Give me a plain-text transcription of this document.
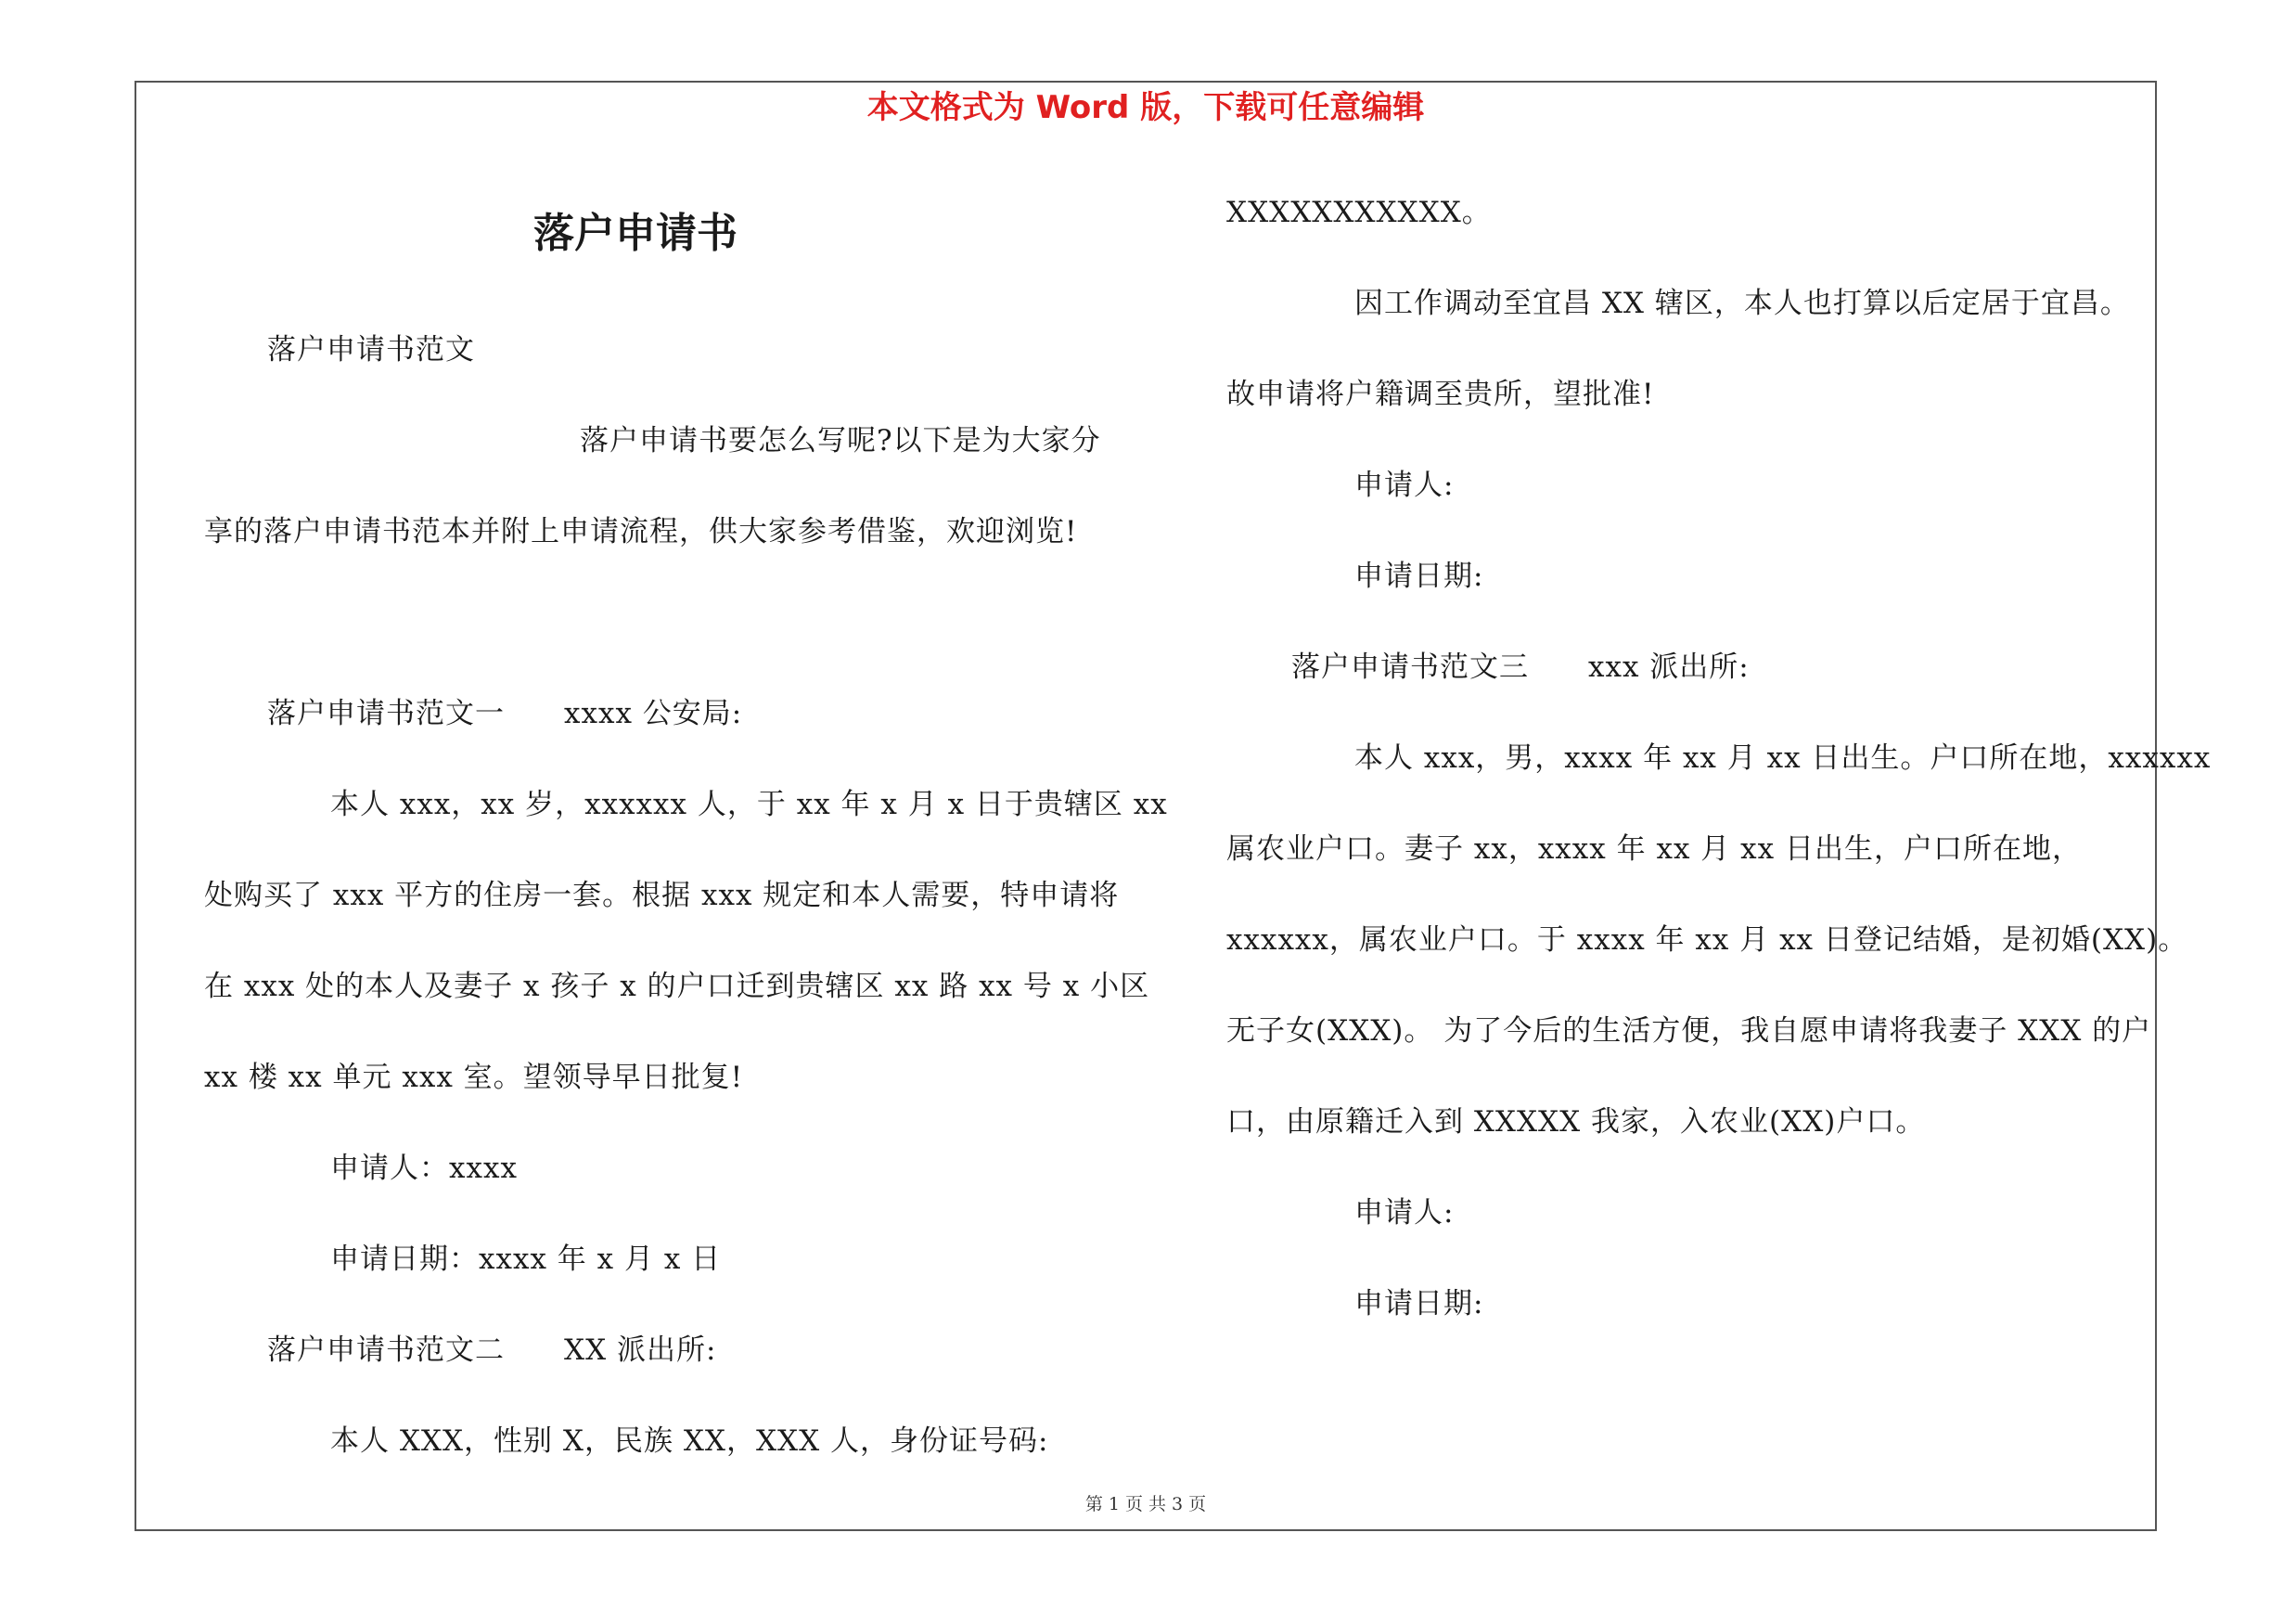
本文格式为 Word 版，下载可任意编辑
落户申请书
落户申请书范文
落户申请书要怎么写呢?以下是为大家分
享的落户申请书范本并附上申请流程，供大家参考借鉴，欢迎浏览!
落户申请书范文一　　xxxx 公安局:
本人 xxx，xx 岁，xxxxxx 人，于 xx 年 x 月 x 日于贵辖区 xx
处购买了 xxx 平方的住房一套。根据 xxx 规定和本人需要，特申请将
在 xxx 处的本人及妻子 x 孩子 x 的户口迁到贵辖区 xx 路 xx 号 x 小区
xx 楼 xx 单元 xxx 室。望领导早日批复!
申请人：xxxx
申请日期：xxxx 年 x 月 x 日
落户申请书范文二　　XX 派出所:
本人 XXX，性别 X，民族 XX，XXX 人，身份证号码:
XXXXXXXXXXX。
因工作调动至宜昌 XX 辖区，本人也打算以后定居于宜昌。
故申请将户籍调至贵所，望批准!
申请人:
申请日期:
落户申请书范文三　　xxx 派出所:
本人 xxx，男，xxxx 年 xx 月 xx 日出生。户口所在地，xxxxxx
属农业户口。妻子 xx，xxxx 年 xx 月 xx 日出生，户口所在地，
xxxxxx，属农业户口。于 xxxx 年 xx 月 xx 日登记结婚，是初婚(XX)。
无子女(XXX)。 为了今后的生活方便，我自愿申请将我妻子 XXX 的户
口，由原籍迁入到 XXXXX 我家，入农业(XX)户口。
申请人:
申请日期:
第 1 页 共 3 页
